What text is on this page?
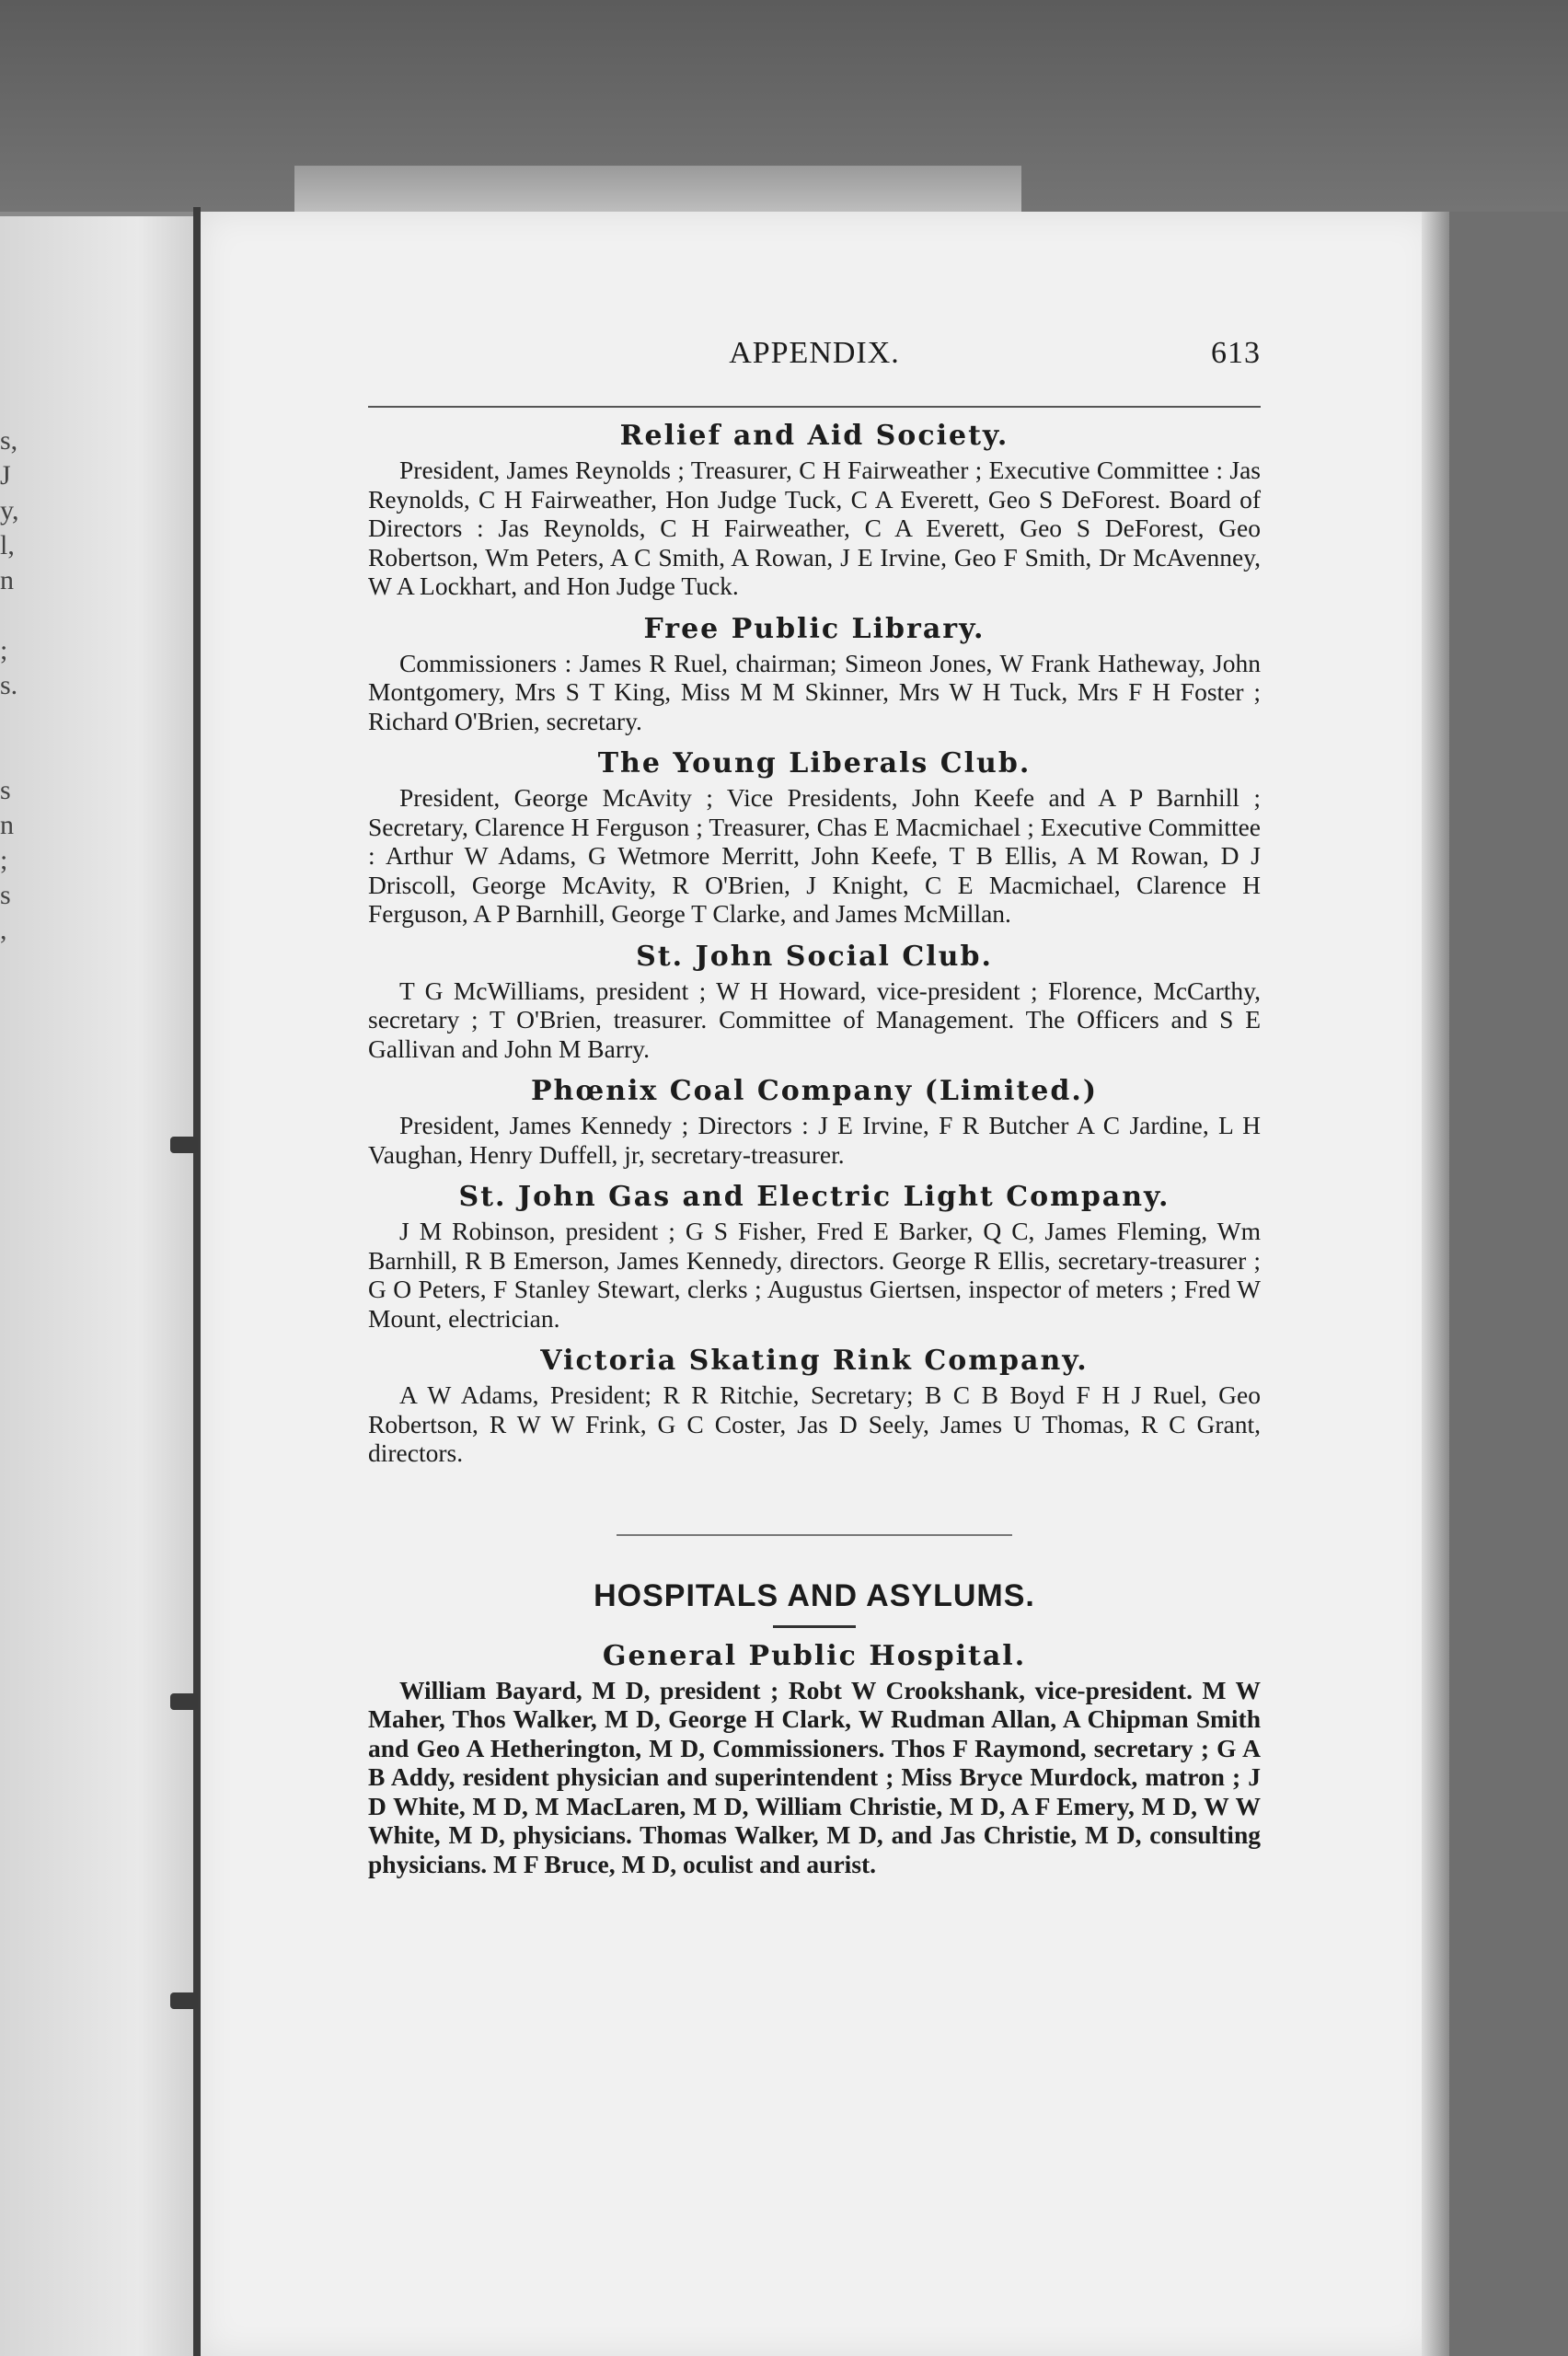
s,
J
y,
l,
n
;
s.
s
n
;
s
,
APPENDIX.	613
Relief and Aid Society.

President, James Reynolds ; Treasurer, C H Fairweather ; Executive Committee : Jas Reynolds, C H Fairweather, Hon Judge Tuck, C A Everett, Geo S DeForest. Board of Directors : Jas Reynolds, C H Fairweather, C A Everett, Geo S DeForest, Geo Robertson, Wm Peters, A C Smith, A Rowan, J E Irvine, Geo F Smith, Dr McAvenney, W A Lockhart, and Hon Judge Tuck.

Free Public Library.

Commissioners : James R Ruel, chairman; Simeon Jones, W Frank Hatheway, John Montgomery, Mrs S T King, Miss M M Skinner, Mrs W H Tuck, Mrs F H Foster ; Richard O'Brien, secretary.

The Young Liberals Club.

President, George McAvity ; Vice Presidents, John Keefe and A P Barnhill ; Secretary, Clarence H Ferguson ; Treasurer, Chas E Macmichael ; Executive Committee : Arthur W Adams, G Wetmore Merritt, John Keefe, T B Ellis, A M Rowan, D J Driscoll, George McAvity, R O'Brien, J Knight, C E Macmichael, Clarence H Ferguson, A P Barnhill, George T Clarke, and James McMillan.

St. John Social Club.

T G McWilliams, president ; W H Howard, vice-president ; Florence, McCarthy, secretary ; T O'Brien, treasurer. Committee of Management. The Officers and S E Gallivan and John M Barry.

Phœnix Coal Company (Limited.)

President, James Kennedy ; Directors : J E Irvine, F R Butcher A C Jardine, L H Vaughan, Henry Duffell, jr, secretary-treasurer.

St. John Gas and Electric Light Company.

J M Robinson, president ; G S Fisher, Fred E Barker, Q C, James Fleming, Wm Barnhill, R B Emerson, James Kennedy, directors. George R Ellis, secretary-treasurer ; G O Peters, F Stanley Stewart, clerks ; Augustus Giertsen, inspector of meters ; Fred W Mount, electrician.

Victoria Skating Rink Company.

A W Adams, President; R R Ritchie, Secretary; B C B Boyd F H J Ruel, Geo Robertson, R W W Frink, G C Coster, Jas D Seely, James U Thomas, R C Grant, directors.

HOSPITALS AND ASYLUMS.
General Public Hospital.

William Bayard, M D, president ; Robt W Crookshank, vice-president. M W Maher, Thos Walker, M D, George H Clark, W Rudman Allan, A Chipman Smith and Geo A Hetherington, M D, Commissioners. Thos F Raymond, secretary ; G A B Addy, resident physician and superintendent ; Miss Bryce Murdock, matron ; J D White, M D, M MacLaren, M D, William Christie, M D, A F Emery, M D, W W White, M D, physicians. Thomas Walker, M D, and Jas Christie, M D, consulting physicians. M F Bruce, M D, oculist and aurist.
